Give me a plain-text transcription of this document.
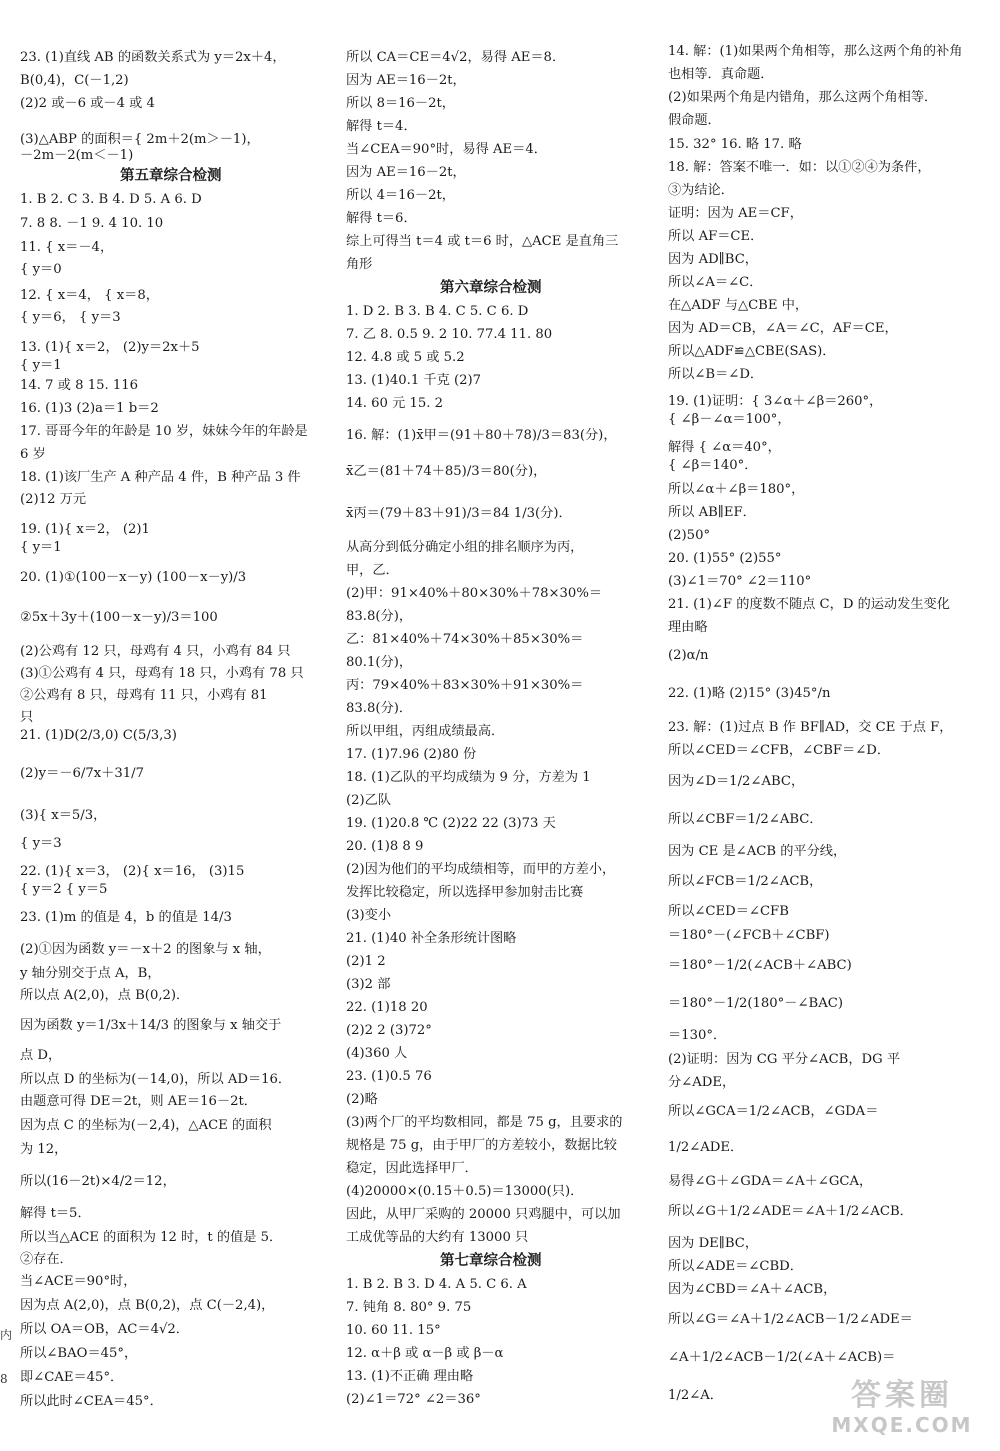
23. (1)直线 AB 的函数关系式为 y＝2x＋4，
B(0,4)，C(－1,2)
(2)2 或－6 或－4 或 4
(3)△ABP 的面积＝{ 2m＋2(m＞－1)，
－2m－2(m＜－1)
第五章综合检测
1. B 2. C 3. B 4. D 5. A 6. D
7. 8 8. －1 9. 4 10. 10
11. { x＝－4，
{ y＝0
12. { x＝4， { x＝8，
{ y＝6， { y＝3
13. (1){ x＝2， (2)y＝2x＋5
{ y＝1
14. 7 或 8 15. 116
16. (1)3 (2)a＝1 b＝2
17. 哥哥今年的年龄是 10 岁，妹妹今年的年龄是
6 岁
18. (1)该厂生产 A 种产品 4 件，B 种产品 3 件
(2)12 万元
19. (1){ x＝2， (2)1
{ y＝1
20. (1)①(100－x－y) (100－x－y)/3
②5x＋3y＋(100－x－y)/3＝100
(2)公鸡有 12 只，母鸡有 4 只，小鸡有 84 只
(3)①公鸡有 4 只，母鸡有 18 只，小鸡有 78 只
②公鸡有 8 只，母鸡有 11 只，小鸡有 81
只
21. (1)D(2/3,0) C(5/3,3)
(2)y＝－6/7x＋31/7
(3){ x＝5/3，
{ y＝3
22. (1){ x＝3， (2){ x＝16， (3)15
{ y＝2 { y＝5
23. (1)m 的值是 4，b 的值是 14/3
(2)①因为函数 y＝－x＋2 的图象与 x 轴，
y 轴分别交于点 A，B，
所以点 A(2,0)，点 B(0,2)．
因为函数 y＝1/3x＋14/3 的图象与 x 轴交于
点 D，
所以点 D 的坐标为(－14,0)，所以 AD＝16．
由题意可得 DE＝2t，则 AE＝16－2t．
因为点 C 的坐标为(－2,4)，△ACE 的面积
为 12，
所以(16－2t)×4/2＝12，
解得 t＝5．
所以当△ACE 的面积为 12 时，t 的值是 5．
②存在．
当∠ACE＝90°时，
因为点 A(2,0)，点 B(0,2)，点 C(－2,4)，
所以 OA＝OB，AC＝4√2．
所以∠BAO＝45°，
即∠CAE＝45°．
所以此时∠CEA＝45°．
所以 CA＝CE＝4√2，易得 AE＝8．
因为 AE＝16－2t，
所以 8＝16－2t，
解得 t＝4．
当∠CEA＝90°时，易得 AE＝4．
因为 AE＝16－2t，
所以 4＝16－2t，
解得 t＝6．
综上可得当 t＝4 或 t＝6 时，△ACE 是直角三
角形
第六章综合检测
1. D 2. B 3. B 4. C 5. C 6. D
7. 乙 8. 0.5 9. 2 10. 77.4 11. 80
12. 4.8 或 5 或 5.2
13. (1)40.1 千克 (2)7
14. 60 元 15. 2
16. 解：(1)x̄甲＝(91＋80＋78)/3＝83(分)，
x̄乙＝(81＋74＋85)/3＝80(分)，
x̄丙＝(79＋83＋91)/3＝84 1/3(分)．
从高分到低分确定小组的排名顺序为丙，
甲，乙．
(2)甲：91×40%＋80×30%＋78×30%＝
83.8(分)，
乙：81×40%＋74×30%＋85×30%＝
80.1(分)，
丙：79×40%＋83×30%＋91×30%＝
83.8(分)．
所以甲组，丙组成绩最高．
17. (1)7.96 (2)80 份
18. (1)乙队的平均成绩为 9 分，方差为 1
(2)乙队
19. (1)20.8 ℃ (2)22 22 (3)73 天
20. (1)8 8 9
(2)因为他们的平均成绩相等，而甲的方差小，
发挥比较稳定，所以选择甲参加射击比赛
(3)变小
21. (1)40 补全条形统计图略
(2)1 2
(3)2 部
22. (1)18 20
(2)2 2 (3)72°
(4)360 人
23. (1)0.5 76
(2)略
(3)两个厂的平均数相同，都是 75 g，且要求的
规格是 75 g，由于甲厂的方差较小，数据比较
稳定，因此选择甲厂．
(4)20000×(0.15＋0.5)＝13000(只)．
因此，从甲厂采购的 20000 只鸡腿中，可以加
工成优等品的大约有 13000 只
第七章综合检测
1. B 2. B 3. D 4. A 5. C 6. A
7. 钝角 8. 80° 9. 75
10. 60 11. 15°
12. α＋β 或 α－β 或 β－α
13. (1)不正确 理由略
(2)∠1＝72° ∠2＝36°
14. 解：(1)如果两个角相等，那么这两个角的补角
也相等．真命题．
(2)如果两个角是内错角，那么这两个角相等．
假命题．
15. 32° 16. 略 17. 略
18. 解：答案不唯一．如：以①②④为条件，
③为结论．
证明：因为 AE＝CF，
所以 AF＝CE．
因为 AD∥BC，
所以∠A＝∠C．
在△ADF 与△CBE 中，
因为 AD＝CB，∠A＝∠C，AF＝CE，
所以△ADF≌△CBE(SAS)．
所以∠B＝∠D．
19. (1)证明：{ 3∠α＋∠β＝260°，
{ ∠β－∠α＝100°，
解得 { ∠α＝40°，
{ ∠β＝140°．
所以∠α＋∠β＝180°，
所以 AB∥EF．
(2)50°
20. (1)55° (2)55°
(3)∠1＝70° ∠2＝110°
21. (1)∠F 的度数不随点 C，D 的运动发生变化
理由略
(2)α/n
22. (1)略 (2)15° (3)45°/n
23. 解：(1)过点 B 作 BF∥AD，交 CE 于点 F，
所以∠CED＝∠CFB，∠CBF＝∠D．
因为∠D＝1/2∠ABC，
所以∠CBF＝1/2∠ABC．
因为 CE 是∠ACB 的平分线，
所以∠FCB＝1/2∠ACB，
所以∠CED＝∠CFB
＝180°－(∠FCB＋∠CBF)
＝180°－1/2(∠ACB＋∠ABC)
＝180°－1/2(180°－∠BAC)
＝130°．
(2)证明：因为 CG 平分∠ACB，DG 平
分∠ADE，
所以∠GCA＝1/2∠ACB，∠GDA＝
1/2∠ADE．
易得∠G＋∠GDA＝∠A＋∠GCA，
所以∠G＋1/2∠ADE＝∠A＋1/2∠ACB．
因为 DE∥BC，
所以∠ADE＝∠CBD．
因为∠CBD＝∠A＋∠ACB，
所以∠G＝∠A＋1/2∠ACB－1/2∠ADE＝
∠A＋1/2∠ACB－1/2(∠A＋∠ACB)＝
1/2∠A．
内
8	答案圈
MXQE.COM
